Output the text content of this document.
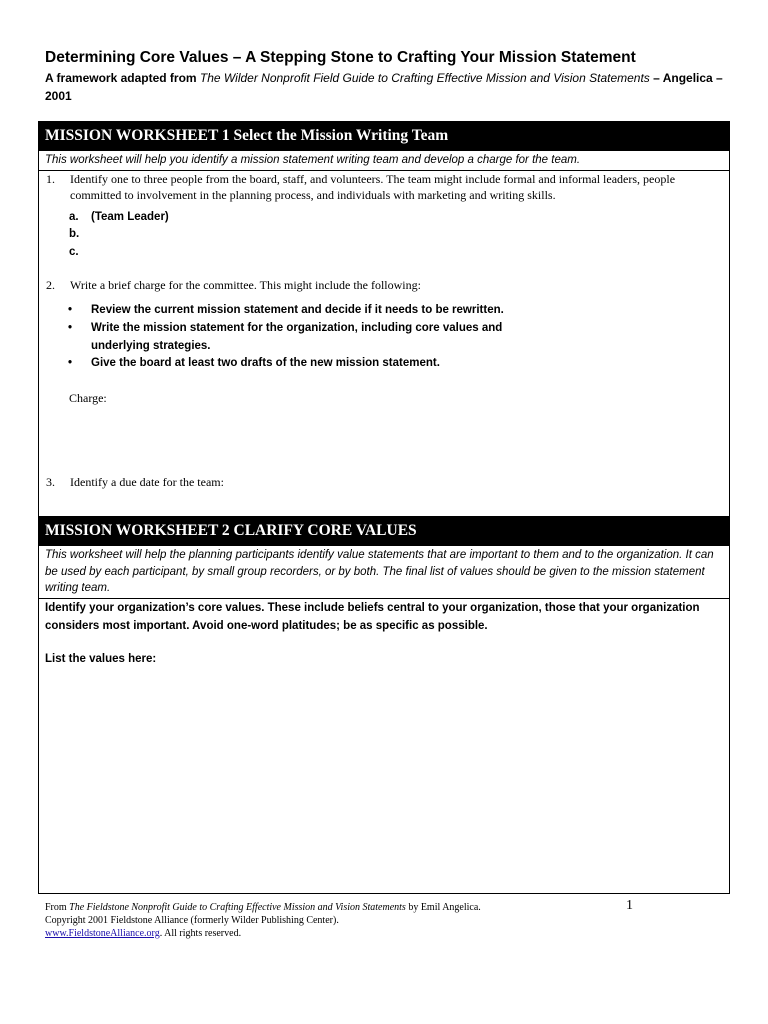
Determining Core Values – A Stepping Stone to Crafting Your Mission Statement
A framework adapted from The Wilder Nonprofit Field Guide to Crafting Effective Mission and Vision Statements – Angelica – 2001
MISSION WORKSHEET 1 Select the Mission Writing Team
This worksheet will help you identify a mission statement writing team and develop a charge for the team.
1. Identify one to three people from the board, staff, and volunteers. The team might include formal and informal leaders, people committed to involvement in the planning process, and individuals with marketing and writing skills.
a. (Team Leader)
b.
c.
2. Write a brief charge for the committee. This might include the following:
• Review the current mission statement and decide if it needs to be rewritten.
• Write the mission statement for the organization, including core values and
underlying strategies.
• Give the board at least two drafts of the new mission statement.
Charge:
3. Identify a due date for the team:
MISSION WORKSHEET 2 CLARIFY CORE VALUES
This worksheet will help the planning participants identify value statements that are important to them and to the organization. It can be used by each participant, by small group recorders, or by both. The final list of values should be given to the mission statement writing team.
Identify your organization’s core values. These include beliefs central to your organization, those that your organization considers most important. Avoid one-word platitudes; be as specific as possible.
List the values here:
From The Fieldstone Nonprofit Guide to Crafting Effective Mission and Vision Statements by Emil Angelica.
Copyright 2001 Fieldstone Alliance (formerly Wilder Publishing Center).
www.FieldstoneAlliance.org. All rights reserved.
1
